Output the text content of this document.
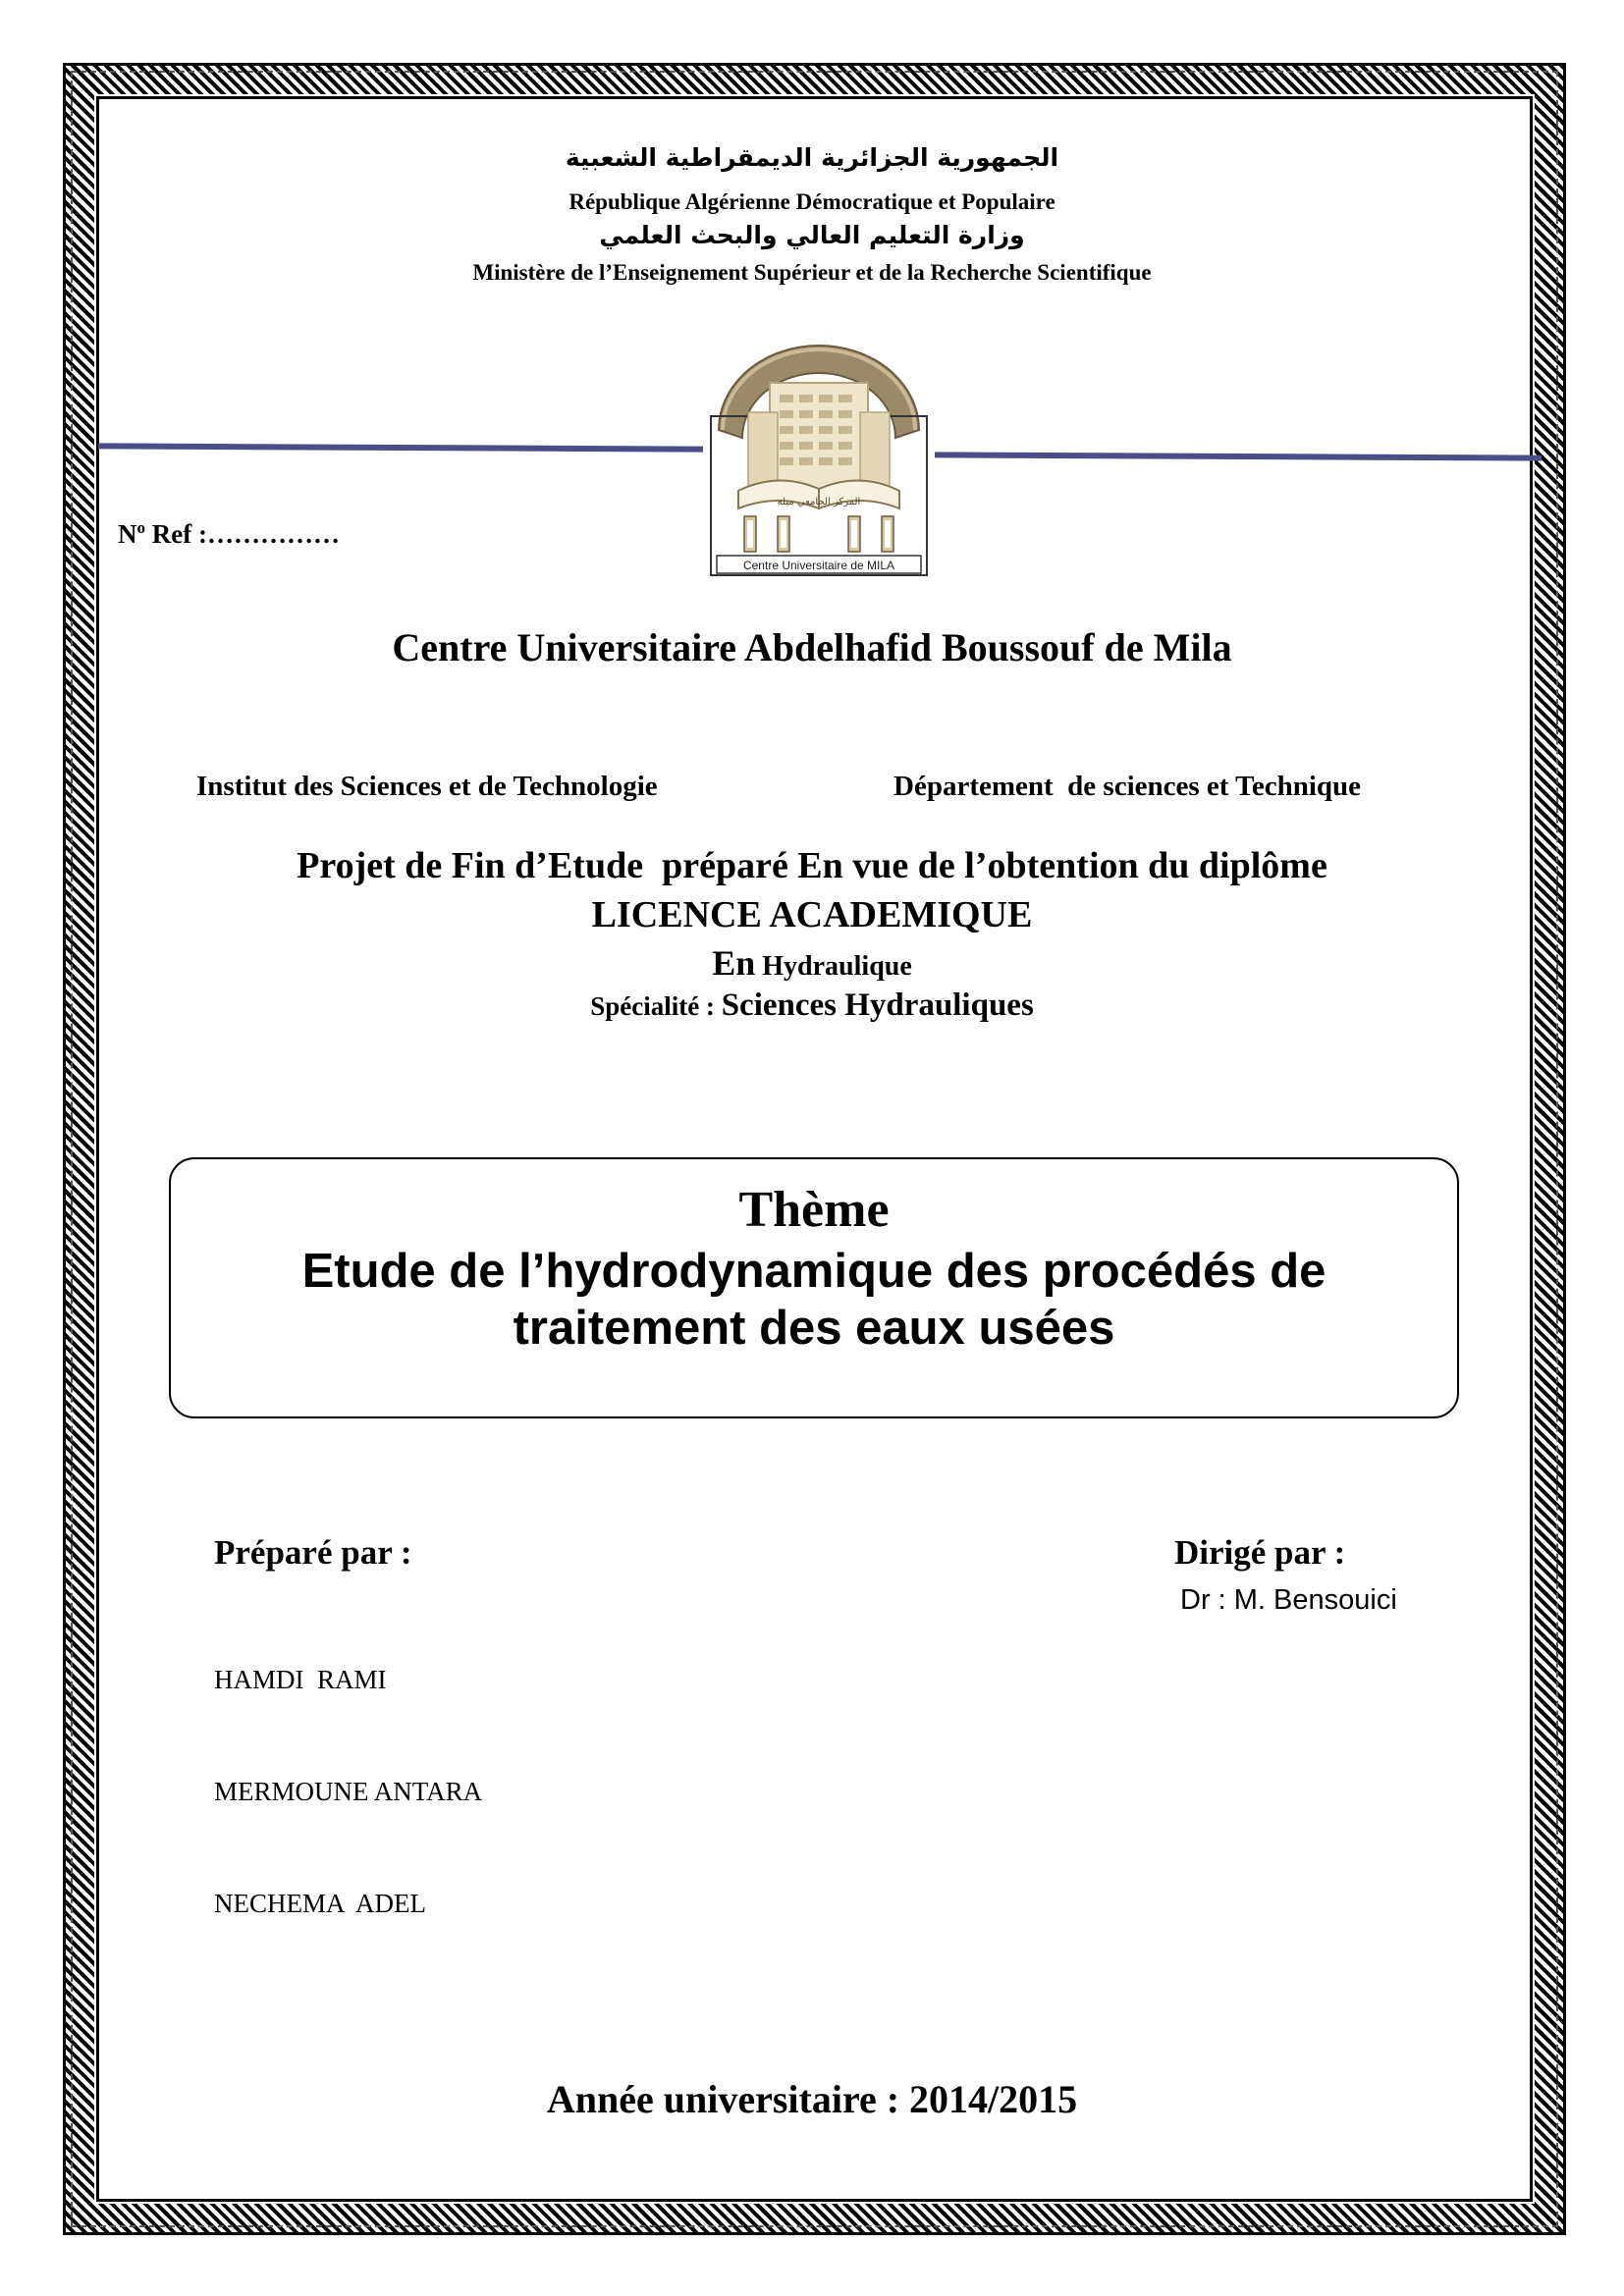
الجمهورية الجزائرية الديمقراطية الشعبية
République Algérienne Démocratique et Populaire
وزارة التعليم العالي والبحث العلمي
Ministère de l’Enseignement Supérieur et de la Recherche Scientifique
المركز الجامعي ميلة
Centre Universitaire de MILA
$N^o$ Ref :……………
Centre Universitaire Abdelhafid Boussouf de Mila
Institut des Sciences et de Technologie	Département  de sciences et Technique
Projet de Fin d’Etude  préparé En vue de l’obtention du diplôme
LICENCE ACADEMIQUE
En Hydraulique
Spécialité : Sciences Hydrauliques
Thème
Etude de l’hydrodynamique des procédés de
traitement des eaux usées
Préparé par :

HAMDI  RAMI

MERMOUNE ANTARA

NECHEMA  ADEL

Dirigé par :
Dr : M. Bensouici
Année universitaire : 2014/2015
